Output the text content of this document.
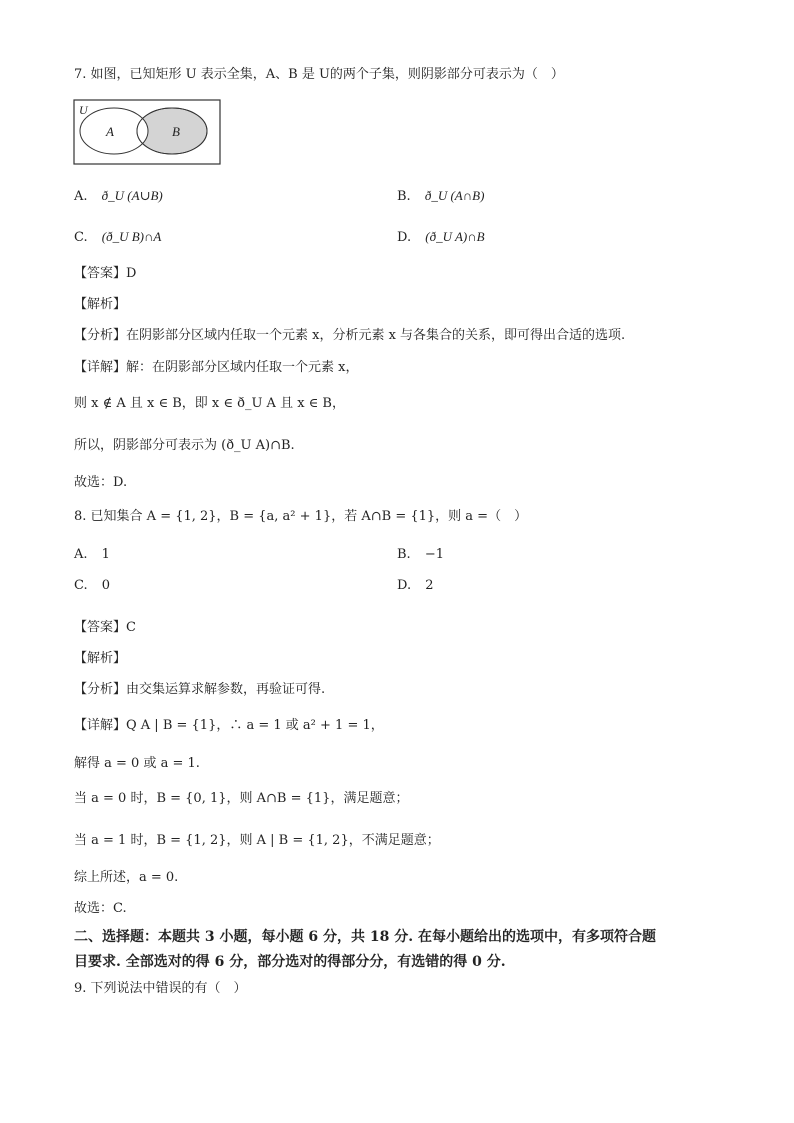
7. 如图，已知矩形 U 表示全集，A、B 是 U的两个子集，则阴影部分可表示为（　）
U
A	B
A. ð_U (A∪B)	B. ð_U (A∩B)
C. (ð_U B)∩A	D. (ð_U A)∩B
【答案】D
【解析】
【分析】在阴影部分区域内任取一个元素 x，分析元素 x 与各集合的关系，即可得出合适的选项.
【详解】解：在阴影部分区域内任取一个元素 x，
则 x ∉ A 且 x ∈ B，即 x ∈ ð_U A 且 x ∈ B，
所以，阴影部分可表示为 (ð_U A)∩B.
故选：D.
8. 已知集合 A = {1, 2}，B = {a, a² + 1}，若 A∩B = {1}，则 a =（　）
A. 1	B. −1
C. 0	D. 2
【答案】C
【解析】
【分析】由交集运算求解参数，再验证可得.
【详解】Q A | B = {1}，∴ a = 1 或 a² + 1 = 1，
解得 a = 0 或 a = 1.
当 a = 0 时，B = {0, 1}，则 A∩B = {1}，满足题意；
当 a = 1 时，B = {1, 2}，则 A | B = {1, 2}，不满足题意；
综上所述，a = 0.
故选：C.
二、选择题：本题共 3 小题，每小题 6 分，共 18 分. 在每小题给出的选项中，有多项符合题
目要求. 全部选对的得 6 分，部分选对的得部分分，有选错的得 0 分.
9. 下列说法中错误的有（　）
